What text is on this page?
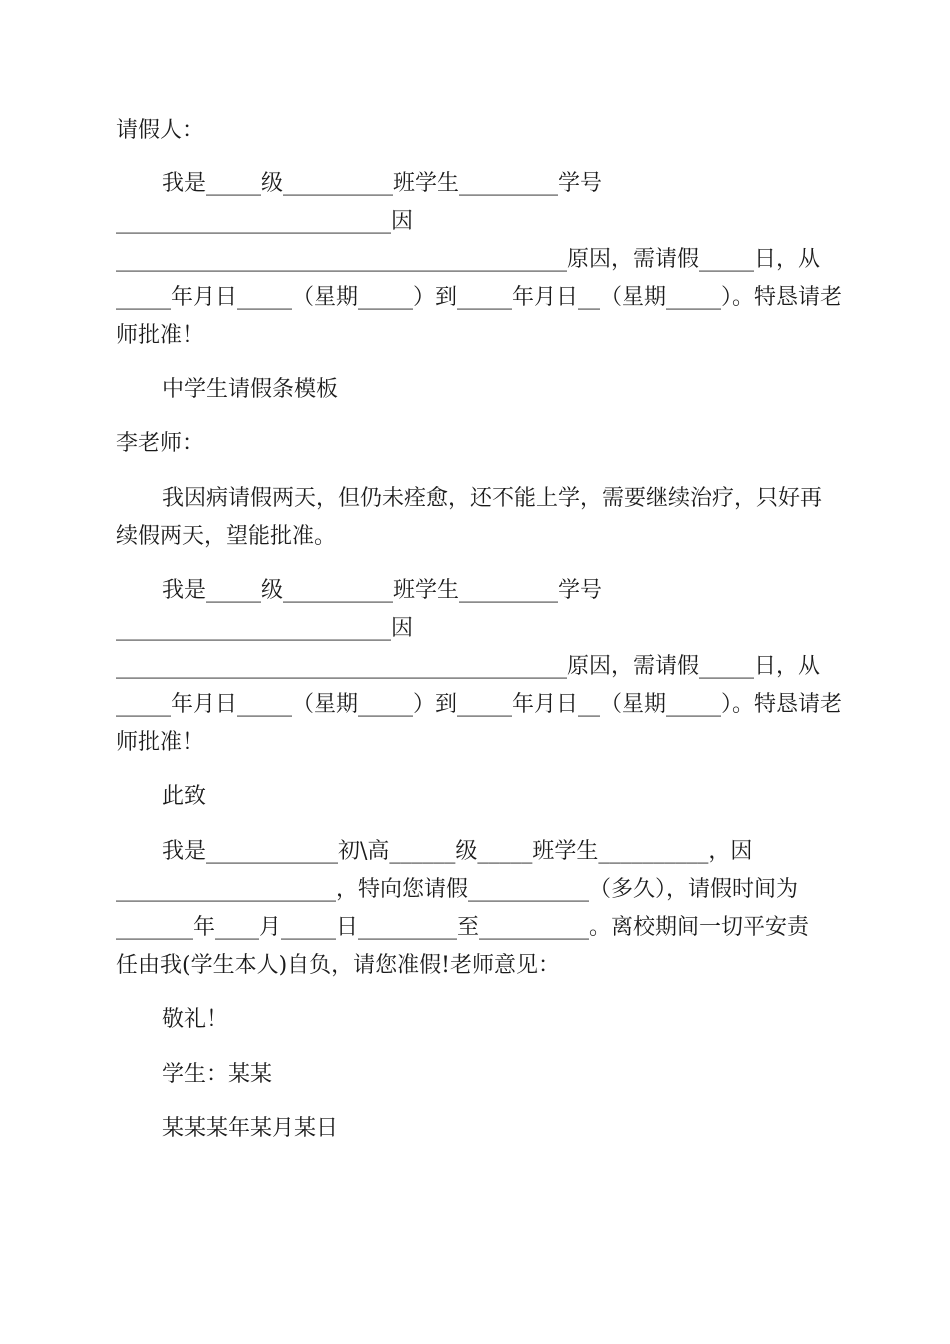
请假人：
我是_____级__________班学生_________学号
_________________________因
_________________________________________原因，需请假_____日，从
_____年月日_____（星期_____）到_____年月日__（星期_____）。特恳请老
师批准！
中学生请假条模板
李老师：
我因病请假两天，但仍未痊愈，还不能上学，需要继续治疗，只好再
续假两天，望能批准。
我是_____级__________班学生_________学号
_________________________因
_________________________________________原因，需请假_____日，从
_____年月日_____（星期_____）到_____年月日__（星期_____）。特恳请老
师批准！
此致
我是____________初\高______级_____班学生__________，因
____________________，特向您请假___________（多久），请假时间为
_______年____月_____日_________至__________。离校期间一切平安责
任由我(学生本人)自负，请您准假!老师意见：
敬礼！
学生：某某
某某某年某月某日
